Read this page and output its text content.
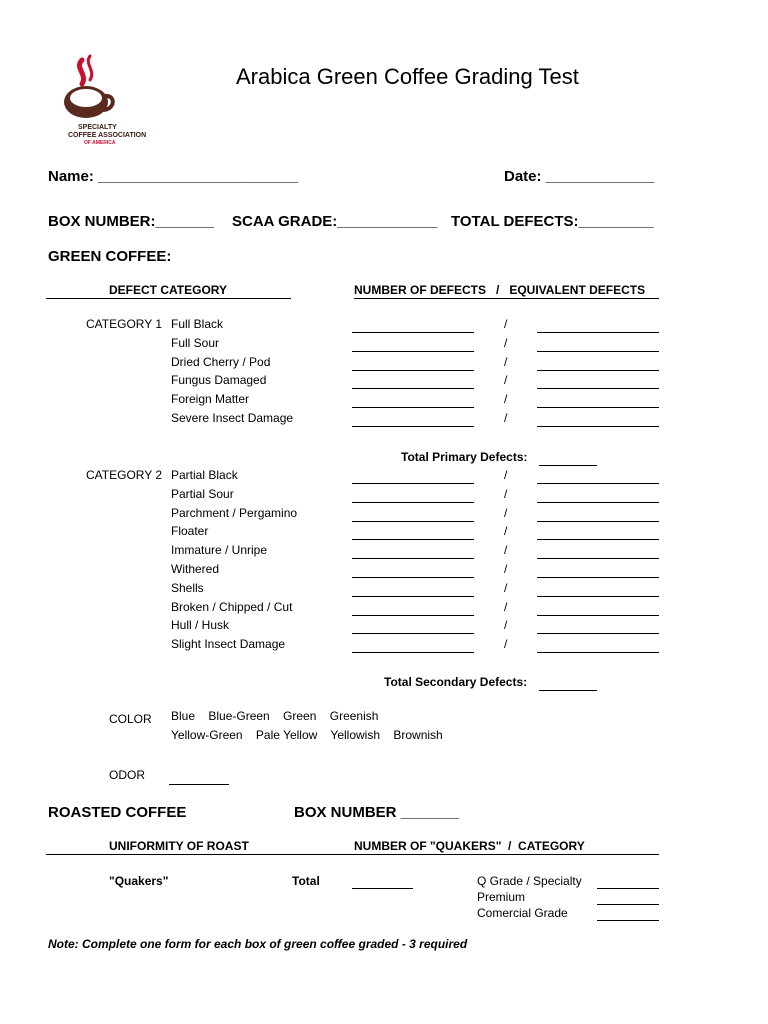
SPECIALTY
COFFEE ASSOCIATION
OF AMERICA
Arabica Green Coffee Grading Test
Name: ________________________	Date: _____________
BOX NUMBER:_______ SCAA GRADE:____________ TOTAL DEFECTS:_________
GREEN COFFEE:
DEFECT CATEGORY	NUMBER OF DEFECTS   /   EQUIVALENT DEFECTS
CATEGORY 1 Full Black	/
Full Sour	/
Dried Cherry / Pod	/
Fungus Damaged	/
Foreign Matter	/
Severe Insect Damage	/
Total Primary Defects:
CATEGORY 2 Partial Black	/
Partial Sour	/
Parchment / Pergamino	/
Floater	/
Immature / Unripe	/
Withered	/
Shells	/
Broken / Chipped / Cut	/
Hull / Husk	/
Slight Insect Damage	/
Total Secondary Defects:
COLOR Blue    Blue-Green    Green    Greenish
Yellow-Green    Pale Yellow    Yellowish    Brownish
ODOR
ROASTED COFFEE	BOX NUMBER _______
UNIFORMITY OF ROAST	NUMBER OF "QUAKERS"  /  CATEGORY
"Quakers"	Total	Q Grade / Specialty
Premium
Comercial Grade
Note: Complete one form for each box of green coffee graded - 3 required
